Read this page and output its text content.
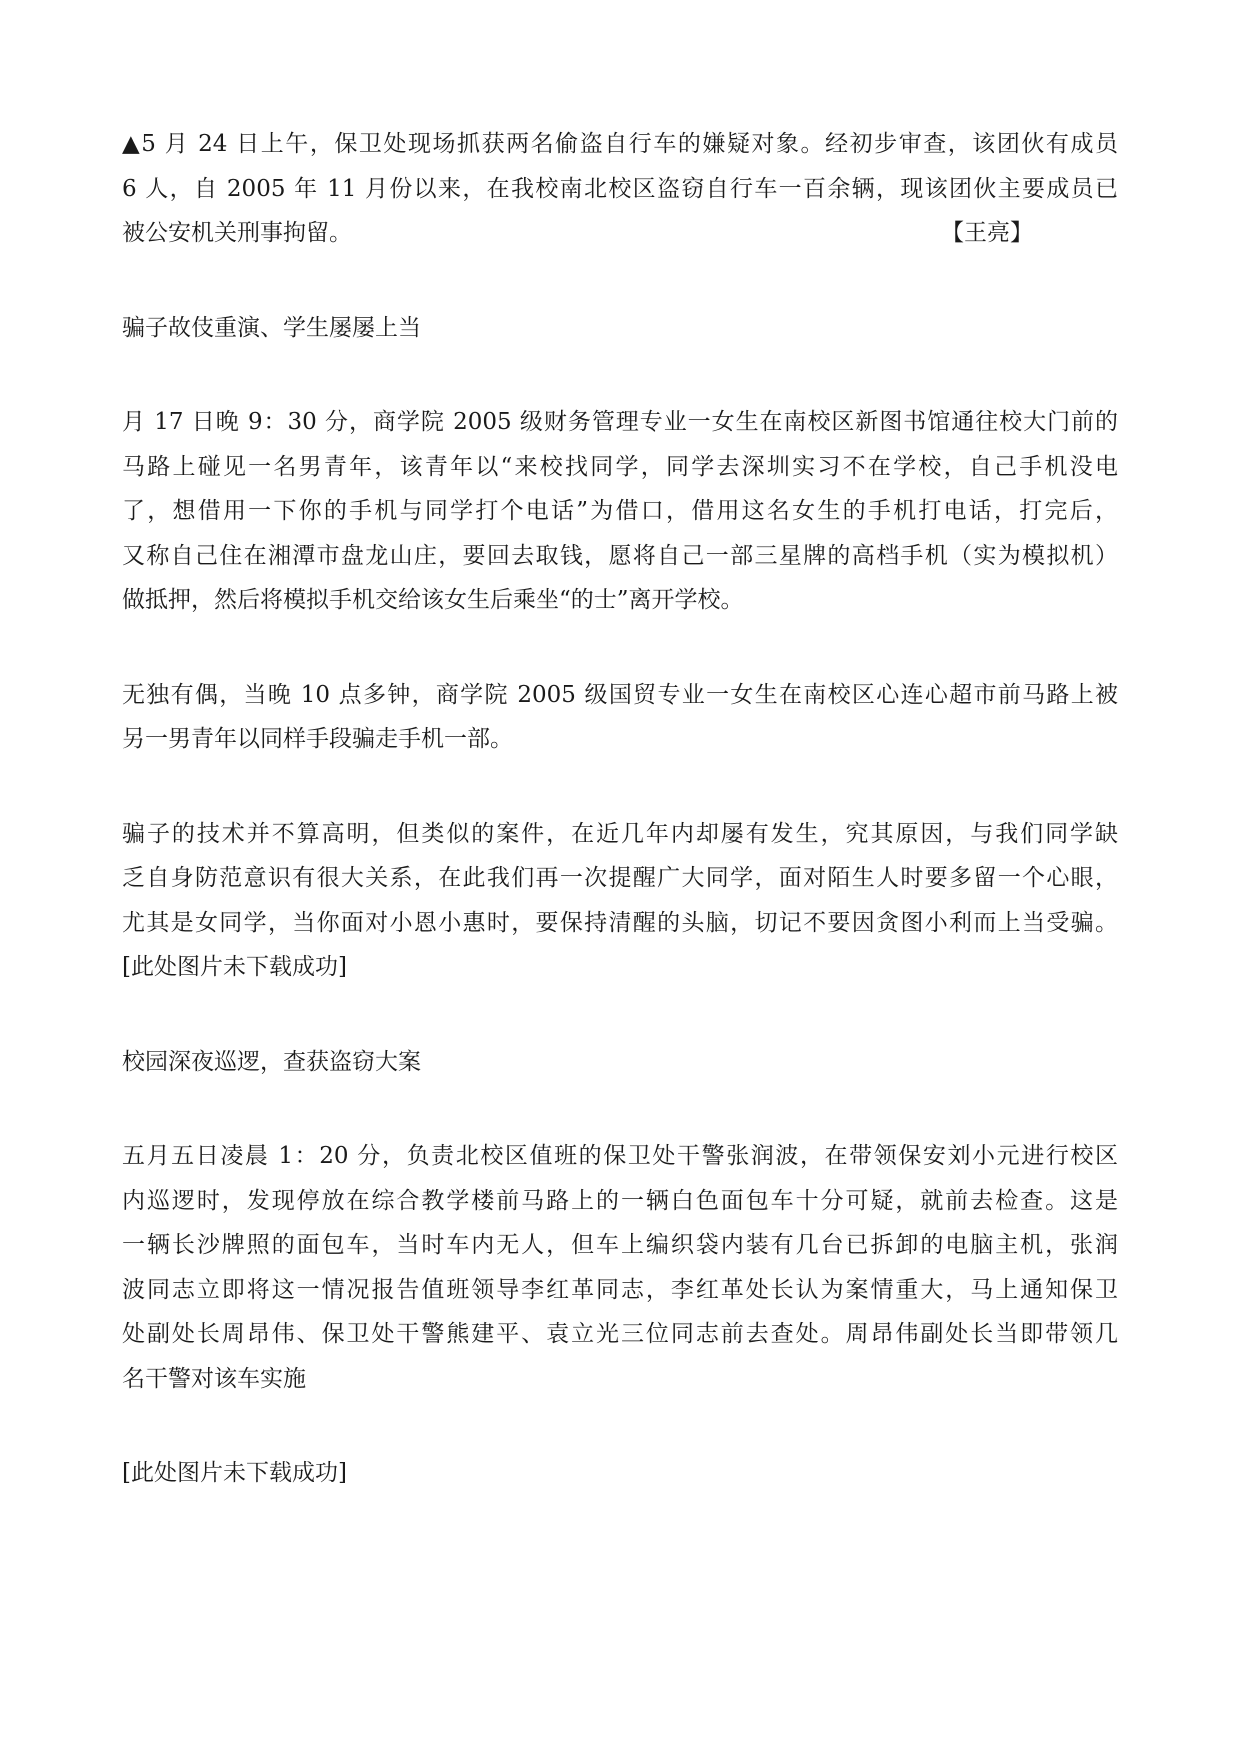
▲5 月 24 日上午，保卫处现场抓获两名偷盗自行车的嫌疑对象。经初步审查，该团伙有成员
6 人，自 2005 年 11 月份以来，在我校南北校区盗窃自行车一百余辆，现该团伙主要成员已
被公安机关刑事拘留。	【王亮】
骗子故伎重演、学生屡屡上当
月 17 日晚 9：30 分，商学院 2005 级财务管理专业一女生在南校区新图书馆通往校大门前的
马路上碰见一名男青年，该青年以“来校找同学，同学去深圳实习不在学校，自己手机没电
了，想借用一下你的手机与同学打个电话”为借口，借用这名女生的手机打电话，打完后，
又称自己住在湘潭市盘龙山庄，要回去取钱，愿将自己一部三星牌的高档手机（实为模拟机）
做抵押，然后将模拟手机交给该女生后乘坐“的士”离开学校。
无独有偶，当晚 10 点多钟，商学院 2005 级国贸专业一女生在南校区心连心超市前马路上被
另一男青年以同样手段骗走手机一部。
骗子的技术并不算高明，但类似的案件，在近几年内却屡有发生，究其原因，与我们同学缺
乏自身防范意识有很大关系，在此我们再一次提醒广大同学，面对陌生人时要多留一个心眼，
尤其是女同学，当你面对小恩小惠时，要保持清醒的头脑，切记不要因贪图小利而上当受骗。
[此处图片未下载成功]
校园深夜巡逻，查获盗窃大案
五月五日凌晨 1：20 分，负责北校区值班的保卫处干警张润波，在带领保安刘小元进行校区
内巡逻时，发现停放在综合教学楼前马路上的一辆白色面包车十分可疑，就前去检查。这是
一辆长沙牌照的面包车，当时车内无人，但车上编织袋内装有几台已拆卸的电脑主机，张润
波同志立即将这一情况报告值班领导李红革同志，李红革处长认为案情重大，马上通知保卫
处副处长周昂伟、保卫处干警熊建平、袁立光三位同志前去查处。周昂伟副处长当即带领几
名干警对该车实施
[此处图片未下载成功]
